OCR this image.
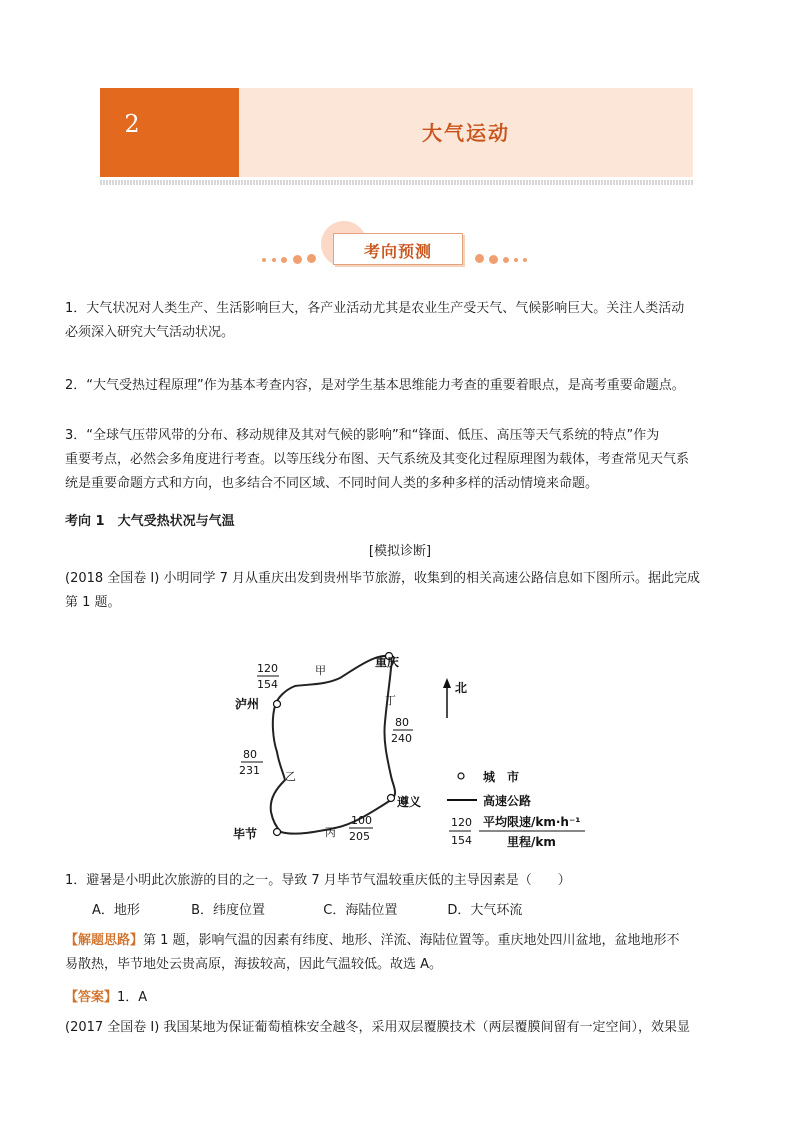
2	大气运动
考向预测
1．大气状况对人类生产、生活影响巨大，各产业活动尤其是农业生产受天气、气候影响巨大。关注人类活动
必须深入研究大气活动状况。
2．“大气受热过程原理”作为基本考查内容，是对学生基本思维能力考查的重要着眼点，是高考重要命题点。
3．“全球气压带风带的分布、移动规律及其对气候的影响”和“锋面、低压、高压等天气系统的特点”作为
重要考点，必然会多角度进行考查。以等压线分布图、天气系统及其变化过程原理图为载体，考查常见天气系
统是重要命题方式和方向，也多结合不同区域、不同时间人类的多种多样的活动情境来命题。
考向 1　大气受热状况与气温
[模拟诊断]
(2018 全国卷 I) 小明同学 7 月从重庆出发到贵州毕节旅游，收集到的相关高速公路信息如下图所示。据此完成
第 1 题。
重庆
泸州
遵义
毕节
甲
丁
乙
丙
120
154
80
240
80
231
100
205
北
城　市
高速公路
120
154
平均限速/km·h⁻¹
里程/km
1．避暑是小明此次旅游的目的之一。导致 7 月毕节气温较重庆低的主导因素是（　　）
A．地形	B．纬度位置	C．海陆位置	D．大气环流
【解题思路】第 1 题，影响气温的因素有纬度、地形、洋流、海陆位置等。重庆地处四川盆地，盆地地形不
易散热，毕节地处云贵高原，海拔较高，因此气温较低。故选 A。
【答案】1．A
(2017 全国卷 I) 我国某地为保证葡萄植株安全越冬，采用双层覆膜技术（两层覆膜间留有一定空间），效果显
